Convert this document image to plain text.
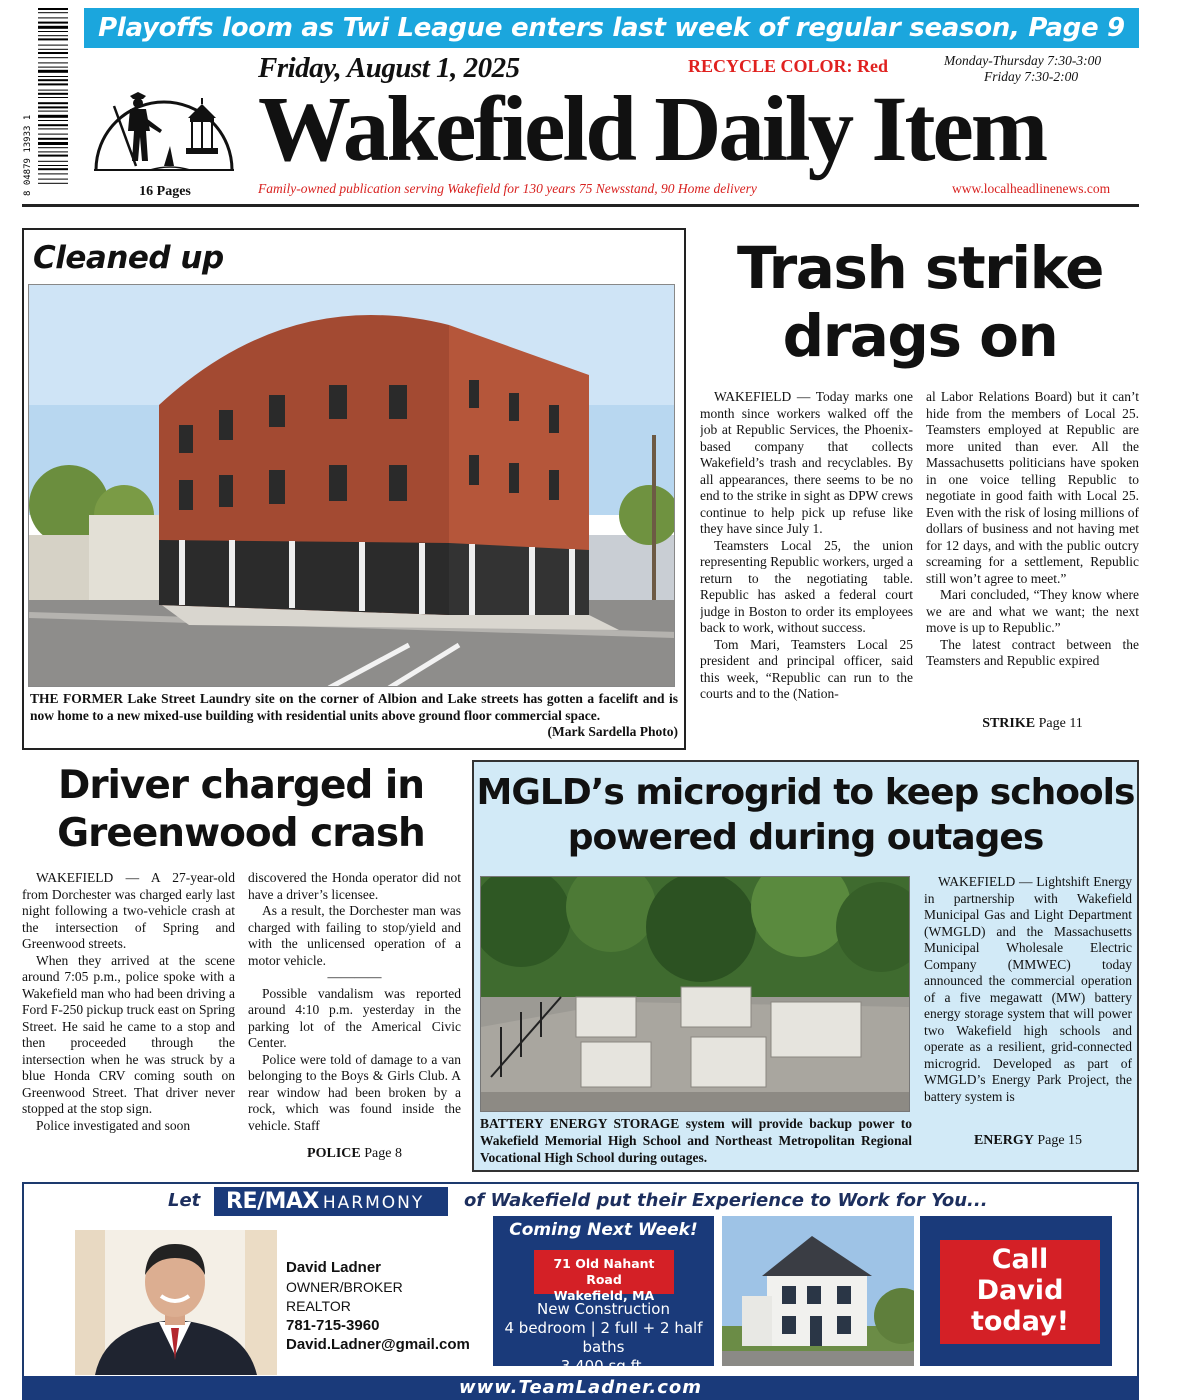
8 04879 13933 1
Playoffs loom as Twi League enters last week of regular season, Page 9
16 Pages
Friday, August 1, 2025	RECYCLE COLOR: Red	Monday-Thursday 7:30-3:00
Friday 7:30-2:00
Wakefield Daily Item
Family-owned publication serving Wakefield for 130 years 75 Newsstand, 90 Home delivery	www.localheadlinenews.com
Cleaned up
THE FORMER Lake Street Laundry site on the corner of Albion and Lake streets has gotten a facelift and is now home to a new mixed-use building with residential units above ground floor commercial space.
(Mark Sardella Photo)
Trash strike drags on

WAKEFIELD — Today marks one month since workers walked off the job at Republic Services, the Phoenix-based company that collects Wakefield’s trash and recyclables. By all appearances, there seems to be no end to the strike in sight as DPW crews continue to help pick up refuse like they have since July 1.

Teamsters Local 25, the union representing Republic workers, urged a return to the negotiating table. Republic has asked a federal court judge in Boston to order its employees back to work, without success.

Tom Mari, Teamsters Local 25 president and principal officer, said this week, “Republic can run to the courts and to the (Nation-

al Labor Relations Board) but it can’t hide from the members of Local 25. Teamsters employed at Republic are more united than ever. All the Massachusetts politicians have spoken in one voice telling Republic to negotiate in good faith with Local 25. Even with the risk of losing millions of dollars of business and not having met for 12 days, and with the public outcry screaming for a settlement, Republic still won’t agree to meet.”

Mari concluded, “They know where we are and what we want; the next move is up to Republic.”

The latest contract between the Teamsters and Republic expired

STRIKE Page 11
Driver charged in Greenwood crash

WAKEFIELD — A 27-year-old from Dorchester was charged early last night following a two-vehicle crash at the intersection of Spring and Greenwood streets.

When they arrived at the scene around 7:05 p.m., police spoke with a Wakefield man who had been driving a Ford F-250 pickup truck east on Spring Street. He said he came to a stop and then proceeded through the intersection when he was struck by a blue Honda CRV coming south on Greenwood Street. That driver never stopped at the stop sign.

Police investigated and soon

discovered the Honda operator did not have a driver’s licensee.

As a result, the Dorchester man was charged with failing to stop/yield and with the unlicensed operation of a motor vehicle.

————

Possible vandalism was reported around 4:10 p.m. yesterday in the parking lot of the Americal Civic Center.

Police were told of damage to a van belonging to the Boys & Girls Club. A rear window had been broken by a rock, which was found inside the vehicle. Staff

POLICE Page 8
MGLD’s microgrid to keep schools powered during outages
BATTERY ENERGY STORAGE system will provide backup power to Wakefield Memorial High School and Northeast Metropolitan Regional Vocational High School during outages.

WAKEFIELD — Lightshift Energy in partnership with Wakefield Municipal Gas and Light Department (WMGLD) and the Massachusetts Municipal Wholesale Electric Company (MMWEC) today announced the commercial operation of a five megawatt (MW) battery energy storage system that will power two Wakefield high schools and operate as a resilient, grid-connected microgrid. Developed as part of WMGLD’s Energy Park Project, the battery system is

ENERGY Page 15
Let	RE/MAX HARMONY	of Wakefield put their Experience to Work for You...
David Ladner
OWNER/BROKER
REALTOR
781-715-3960
David.Ladner@gmail.com
Coming Next Week!
71 Old Nahant Road
Wakefield, MA
New Construction
4 bedroom | 2 full + 2 half baths
3,400 sq.ft.
Call
David
today!
www.TeamLadner.com
